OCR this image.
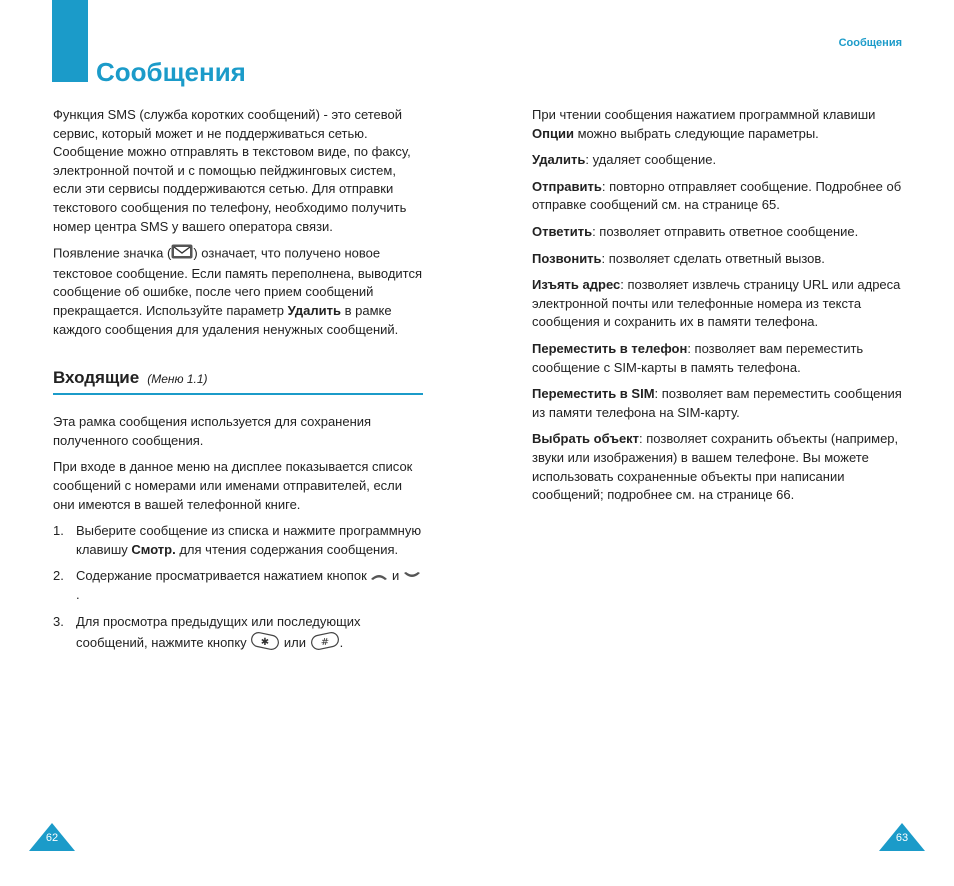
Сообщения
Сообщения

Функция SMS (служба коротких сообщений) - это сетевой сервис, который может и не поддерживаться сетью. Сообщение можно отправлять в текстовом виде, по факсу, электронной почтой и с помощью пейджинговых систем, если эти сервисы поддерживаются сетью. Для отправки текстового сообщения по телефону, необходимо получить номер центра SMS у вашего оператора связи.

Появление значка ( ) означает, что получено новое текстовое сообщение. Если память переполнена, выводится сообщение об ошибке, после чего прием сообщений прекращается. Используйте параметр Удалить в рамке каждого сообщения для удаления ненужных сообщений.

Входящие (Меню 1.1)

Эта рамка сообщения используется для сохранения полученного сообщения.

При входе в данное меню на дисплее показывается список сообщений с номерами или именами отправителей, если они имеются в вашей телефонной книге.

1. Выберите сообщение из списка и нажмите программную клавишу Смотр. для чтения содержания сообщения.
2. Содержание просматривается нажатием кнопок  и .
3. Для просмотра предыдущих или последующих сообщений, нажмите кнопку ✱ или # .

При чтении сообщения нажатием программной клавиши Опции можно выбрать следующие параметры.

Удалить: удаляет сообщение.

Отправить: повторно отправляет сообщение. Подробнее об отправке сообщений см. на странице 65.

Ответить: позволяет отправить ответное сообщение.

Позвонить: позволяет сделать ответный вызов.

Изъять адрес: позволяет извлечь страницу URL или адреса электронной почты или телефонные номера из текста сообщения и сохранить их в памяти телефона.

Переместить в телефон: позволяет вам переместить сообщение с SIM-карты в память телефона.

Переместить в SIM: позволяет вам переместить сообщения из памяти телефона на SIM-карту.

Выбрать объект: позволяет сохранить объекты (например, звуки или изображения) в вашем телефоне. Вы можете использовать сохраненные объекты при написании сообщений; подробнее см. на странице 66.

62	63
